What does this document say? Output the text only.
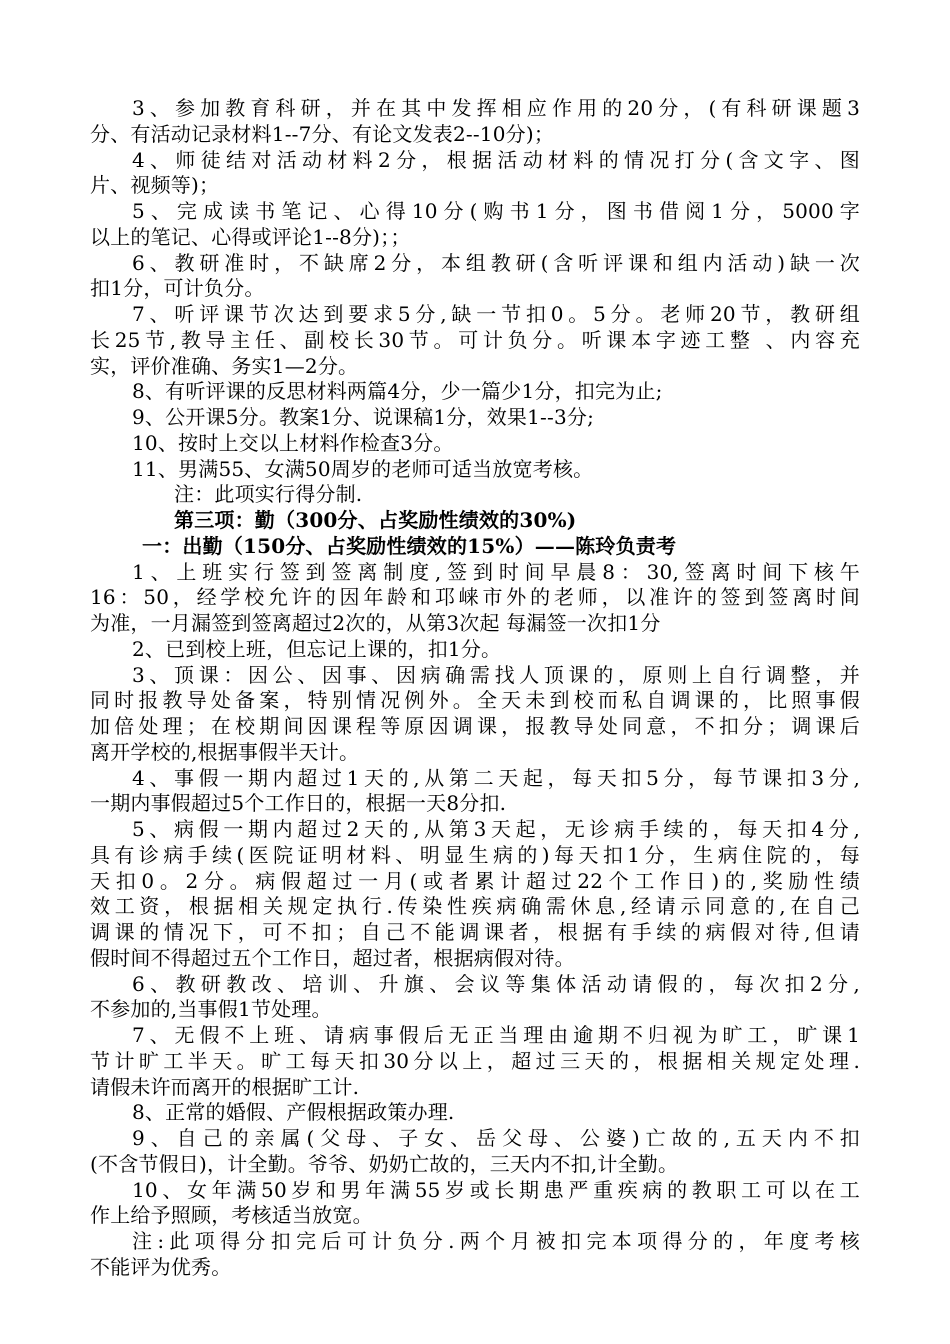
3、参加教育科研，并在其中发挥相应作用的20分，(有科研课题3
分、有活动记录材料1--7分、有论文发表2--10分)；
4、师徒结对活动材料2分，根据活动材料的情况打分(含文字、图
片、视频等)；
5、完成读书笔记、心得10分(购书1分，图书借阅1分，5000字
以上的笔记、心得或评论1--8分)；；
6、教研准时，不缺席2分，本组教研(含听评课和组内活动)缺一次
扣1分，可计负分。
7、听评课节次达到要求5分,缺一节扣0。5分。老师20节，教研组
长25节,教导主任、副校长30节。可计负分。听课本字迹工整 、内容充
实，评价准确、务实1—2分。
8、有听评课的反思材料两篇4分，少一篇少1分，扣完为止;
9、公开课5分。教案1分、说课稿1分，效果1--3分;
10、按时上交以上材料作检查3分。
11、男满55、女满50周岁的老师可适当放宽考核。
注：此项实行得分制.
第三项：勤（300分、占奖励性绩效的30%)
一：出勤（150分、占奖励性绩效的15%）——陈玲负责考
1、上班实行签到签离制度,签到时间早晨8：30,签离时间下核午
16：50，经学校允许的因年龄和邛崃市外的老师，以准许的签到签离时间
为准，一月漏签到签离超过2次的，从第3次起 每漏签一次扣1分
2、已到校上班，但忘记上课的，扣1分。
3、顶课：因公、因事、因病确需找人顶课的，原则上自行调整，并
同时报教导处备案，特别情况例外。全天未到校而私自调课的，比照事假
加倍处理；在校期间因课程等原因调课，报教导处同意，不扣分；调课后
离开学校的,根据事假半天计。
4、事假一期内超过1天的,从第二天起，每天扣5分，每节课扣3分,
一期内事假超过5个工作日的，根据一天8分扣.
5、病假一期内超过2天的,从第3天起，无诊病手续的，每天扣4分,
具有诊病手续(医院证明材料、明显生病的)每天扣1分，生病住院的，每
天扣0。2分。病假超过一月(或者累计超过22个工作日)的,奖励性绩
效工资，根据相关规定执行.传染性疾病确需休息,经请示同意的,在自己
调课的情况下，可不扣；自己不能调课者，根据有手续的病假对待,但请
假时间不得超过五个工作日，超过者，根据病假对待。
6、教研教改、培训、升旗、会议等集体活动请假的，每次扣2分,
不参加的,当事假1节处理。
7、无假不上班、请病事假后无正当理由逾期不归视为旷工，旷课1
节计旷工半天。旷工每天扣30分以上，超过三天的，根据相关规定处理.
请假未许而离开的根据旷工计.
8、正常的婚假、产假根据政策办理.
9、自己的亲属(父母、子女、岳父母、公婆)亡故的,五天内不扣
(不含节假日)，计全勤。爷爷、奶奶亡故的，三天内不扣,计全勤。
10、女年满50岁和男年满55岁或长期患严重疾病的教职工可以在工
作上给予照顾，考核适当放宽。
注:此项得分扣完后可计负分.两个月被扣完本项得分的，年度考核
不能评为优秀。
